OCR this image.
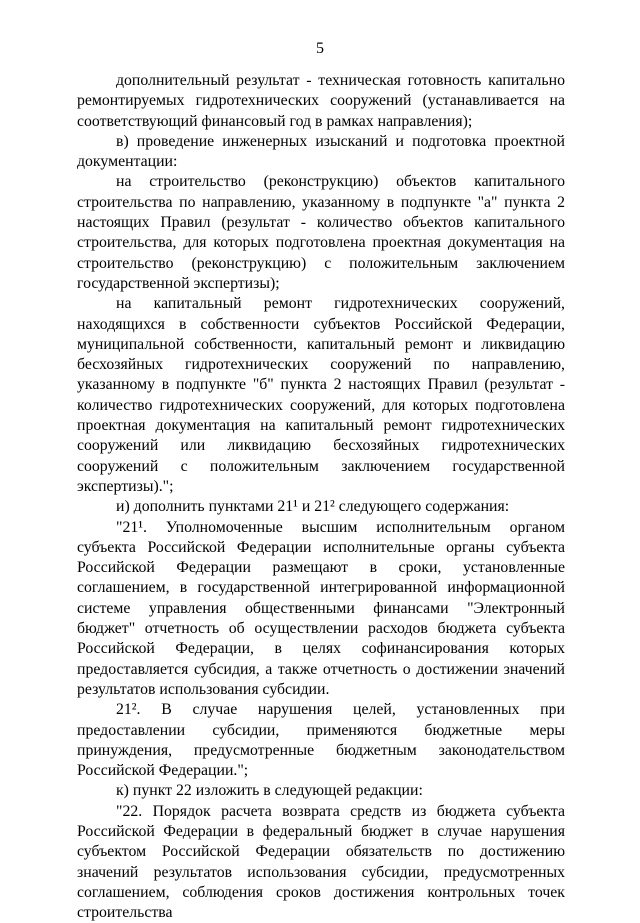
5

дополнительный результат - техническая готовность капитально ремонтируемых гидротехнических сооружений (устанавливается на соответствующий финансовый год в рамках направления);

в) проведение инженерных изысканий и подготовка проектной документации:

на строительство (реконструкцию) объектов капитального строительства по направлению, указанному в подпункте "а" пункта 2 настоящих Правил (результат - количество объектов капитального строительства, для которых подготовлена проектная документация на строительство (реконструкцию) с положительным заключением государственной экспертизы);

на капитальный ремонт гидротехнических сооружений, находящихся в собственности субъектов Российской Федерации, муниципальной собственности, капитальный ремонт и ликвидацию бесхозяйных гидротехнических сооружений по направлению, указанному в подпункте "б" пункта 2 настоящих Правил (результат - количество гидротехнических сооружений, для которых подготовлена проектная документация на капитальный ремонт гидротехнических сооружений или ликвидацию бесхозяйных гидротехнических сооружений с положительным заключением государственной экспертизы).";

и) дополнить пунктами 21¹ и 21² следующего содержания:

"21¹. Уполномоченные высшим исполнительным органом субъекта Российской Федерации исполнительные органы субъекта Российской Федерации размещают в сроки, установленные соглашением, в государственной интегрированной информационной системе управления общественными финансами "Электронный бюджет" отчетность об осуществлении расходов бюджета субъекта Российской Федерации, в целях софинансирования которых предоставляется субсидия, а также отчетность о достижении значений результатов использования субсидии.

21². В случае нарушения целей, установленных при предоставлении субсидии, применяются бюджетные меры принуждения, предусмотренные бюджетным законодательством Российской Федерации.";

к) пункт 22 изложить в следующей редакции:

"22. Порядок расчета возврата средств из бюджета субъекта Российской Федерации в федеральный бюджет в случае нарушения субъектом Российской Федерации обязательств по достижению значений результатов использования субсидии, предусмотренных соглашением, соблюдения сроков достижения контрольных точек строительства
